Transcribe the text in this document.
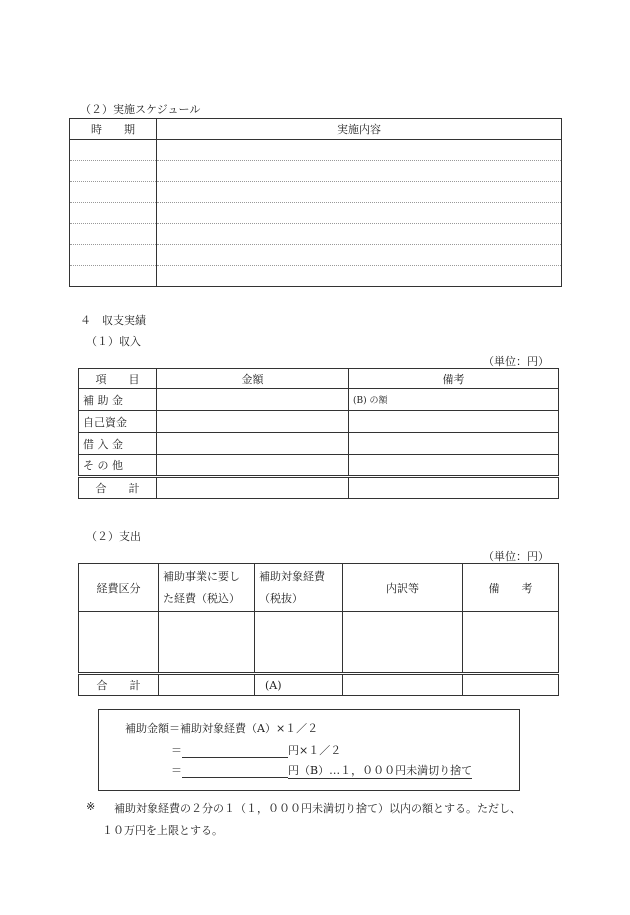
（２）実施スケジュール
時　　期	実施内容

４　収支実績
（１）収入
（単位：円）
項　　目	金額	備考
補 助 金		(B) の額
自己資金		
借 入 金		
そ の 他		
合　　計		
（２）支出
（単位：円）
経費区分	補助事業に要した経費（税込）	補助対象経費（税抜）	内訳等	備　　考

合　　計		(A)		
補助金額＝補助対象経費（A）×１／２
＝	円×１／２
＝	円（B）…１，０００円未満切り捨て
※ 補助対象経費の２分の１（１，０００円未満切り捨て）以内の額とする。ただし、
１０万円を上限とする。
